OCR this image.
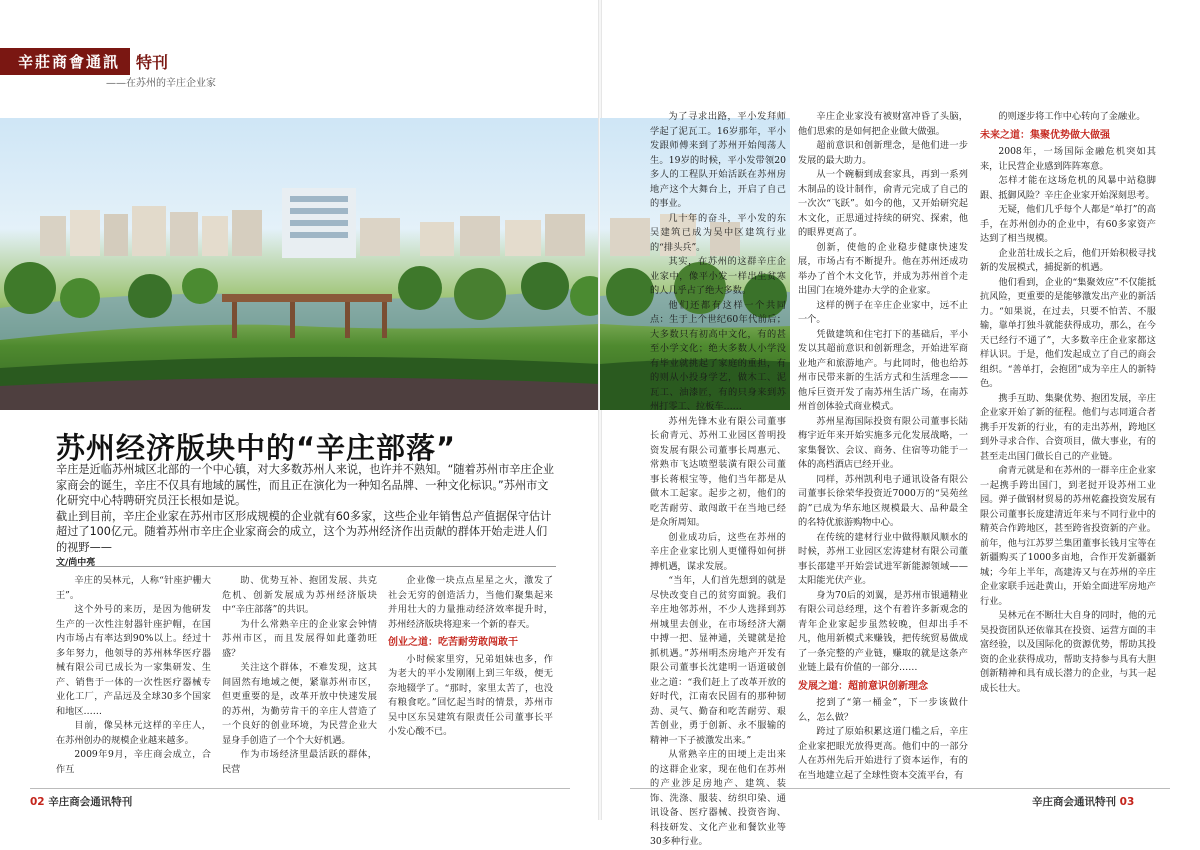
辛莊商會通訊	特刊
——在苏州的辛庄企业家
苏州经济版块中的“辛庄部落”

辛庄是近临苏州城区北部的一个中心镇，对大多数苏州人来说，也许并不熟知。“随着苏州市辛庄企业家商会的诞生，辛庄不仅具有地域的属性，而且正在演化为一种知名品牌、一种文化标识。”苏州市文化研究中心特聘研究员汪长根如是说。

截止到目前，辛庄企业家在苏州市区形成规模的企业就有60多家，这些企业年销售总产值据保守估计超过了100亿元。随着苏州市辛庄企业家商会的成立，这个为苏州经济作出贡献的群体开始走进人们的视野——

文/尚中亮

辛庄的吴林元，人称“针座护栅大王”。

这个外号的来历，是因为他研发生产的一次性注射器针座护帽，在国内市场占有率达到90%以上。经过十多年努力，他领导的苏州林华医疗器械有限公司已成长为一家集研发、生产、销售于一体的一次性医疗器械专业化工厂，产品远及全球30多个国家和地区……

目前，像吴林元这样的辛庄人，在苏州创办的规模企业越来越多。

2009年9月，辛庄商会成立，合作互

助、优势互补、抱团发展、共克危机、创新发展成为苏州经济版块中“辛庄部落”的共识。

为什么常熟辛庄的企业家会钟情苏州市区，而且发展得如此蓬勃旺盛？

关注这个群体，不难发现，这其间固然有地域之便，紧靠苏州市区，但更重要的是，改革开放中快速发展的苏州，为勤劳肯干的辛庄人营造了一个良好的创业环境，为民营企业大显身手创造了一个个大好机遇。

作为市场经济里最活跃的群体，民营

企业像一块点点星星之火，激发了社会无穷的创造活力，当他们聚集起来并用壮大的力量推动经济效率提升时，苏州经济版块将迎来一个新的春天。

创业之道：吃苦耐劳敢闯敢干

小时候家里穷，兄弟姐妹也多，作为老大的平小发刚刚上到三年级，便无奈地辍学了。“那时，家里太苦了，也没有粮食吃。”回忆起当时的情景，苏州市吴中区东吴建筑有限责任公司董事长平小发心酸不已。

02 辛庄商会通讯特刊

为了寻求出路，平小发拜师学起了泥瓦工。16岁那年，平小发跟师傅来到了苏州开始闯荡人生。19岁的时候，平小发带领20多人的工程队开始活跃在苏州房地产这个大舞台上，开启了自己的事业。

几十年的奋斗，平小发的东吴建筑已成为吴中区建筑行业的“排头兵”。

其实，在苏州的这群辛庄企业家中，像平小发一样出生贫寒的人几乎占了绝大多数。

他们还都有这样一个共同点：生于上个世纪60年代前后；大多数只有初高中文化，有的甚至小学文化；绝大多数人小学没有毕业就挑起了家庭的重担，有的则从小投身学艺，做木工、泥瓦工、油漆匠，有的只身来到苏州打零工、拉板车……

苏州先锋木业有限公司董事长俞青元、苏州工业园区普明投资发展有限公司董事长周惠元、常熟市飞达喷塑装潢有限公司董事长蒋根宝等，他们当年都是从做木工起家。起步之初，他们的吃苦耐劳、敢闯敢干在当地已经是众所周知。

创业成功后，这些在苏州的辛庄企业家比别人更懂得如何拼搏机遇，谋求发展。

“当年，人们首先想到的就是尽快改变自己的贫穷面貌。我们辛庄地邻苏州，不少人选择到苏州城里去创业，在市场经济大潮中搏一把、显神通，关键就是抢抓机遇。”苏州明杰房地产开发有限公司董事长沈建明一语道破创业之道：“我们赶上了改革开放的好时代，江南农民固有的那种韧劲、灵气、勤奋和吃苦耐劳、艰苦创业，勇于创新、永不服输的精神一下子被激发出来。”

从常熟辛庄的田埂上走出来的这群企业家，现在他们在苏州的产业涉足房地产、建筑、装饰、洗涤、服装、纺织印染、通讯设备、医疗器械、投资咨询、科技研发、文化产业和餐饮业等30多种行业。

辛庄企业家没有被财富冲昏了头脑，他们思索的是如何把企业做大做强。

超前意识和创新理念，是他们进一步发展的最大助力。

从一个碗橱到成套家具，再到一系列木制品的设计制作，俞青元完成了自己的一次次“飞跃”。如今的他，又开始研究起木文化，正思通过持续的研究、探索，他的眼界更高了。

创新，使他的企业稳步健康快速发展，市场占有不断提升。他在苏州还成功举办了首个木文化节，并成为苏州首个走出国门在境外建办大学的企业家。

这样的例子在辛庄企业家中，远不止一个。

凭做建筑和住宅打下的基础后，平小发以其超前意识和创新理念，开始进军商业地产和旅游地产。与此同时，他也给苏州市民带来新的生活方式和生活理念——他斥巨资开发了南苏州生活广场，在南苏州首创体验式商业模式。

苏州星海国际投资有限公司董事长陆梅宇近年来开始实施多元化发展战略，一家集餐饮、会议、商务、住宿等功能于一体的高档酒店已经开业。

同样，苏州凯利电子通讯设备有限公司董事长徐荣华投资近7000万的“吴苑丝韵”已成为华东地区规模最大、品种最全的名特优旅游购物中心。

在传统的建材行业中做得顺风顺水的时候，苏州工业园区宏涛建材有限公司董事长邵建平开始尝试进军新能源领域——太阳能光伏产业。

身为70后的刘翼，是苏州市银通精业有限公司总经理，这个有着许多新观念的青年企业家起步虽然较晚，但却出手不凡，他用新模式来赚钱，把传统贸易做成了一条完整的产业链，赚取的就是这条产业链上最有价值的一部分……

发展之道：超前意识创新理念

挖到了“第一桶金”，下一步该做什么，怎么做？

跨过了原始积累这道门槛之后，辛庄企业家把眼光放得更高。他们中的一部分人在苏州先后开始进行了资本运作，有的在当地建立起了全球性资本交流平台，有

的则逐步将工作中心转向了金融业。

未来之道：集聚优势做大做强

2008年，一场国际金融危机突如其来，让民营企业感到阵阵寒意。

怎样才能在这场危机的风暴中站稳脚跟、抵御风险？辛庄企业家开始深刻思考。

无疑，他们几乎每个人都是“单打”的高手，在苏州创办的企业中，有60多家资产达到了相当规模。

企业茁壮成长之后，他们开始积极寻找新的发展模式，捕捉新的机遇。

他们看到，企业的“集聚效应”不仅能抵抗风险，更重要的是能够激发出产业的新活力。“如果说，在过去，只要不怕苦、不服输，靠单打独斗就能获得成功，那么，在今天已经行不通了”，大多数辛庄企业家都这样认识。于是，他们发起成立了自己的商会组织。“善单打，会抱团”成为辛庄人的新特色。

携手互助、集聚优势、抱团发展，辛庄企业家开始了新的征程。他们与志同道合者携手开发新的行业，有的走出苏州，跨地区到外寻求合作、合资项目，做大事业，有的甚至走出国门做长自己的产业链。

俞青元就是和在苏州的一群辛庄企业家一起携手跨出国门，到老挝开设苏州工业园。弹子做钢材贸易的苏州乾鑫投资发展有限公司董事长庞建清近年来与不同行业中的精英合作跨地区，甚至跨省投资新的产业。前年，他与江苏罗兰集团董事长钱月宝等在新疆购买了1000多亩地，合作开发新疆新城；今年上半年，高建涛又与在苏州的辛庄企业家联手远赴黄山，开始全面进军房地产行业。

吴林元在不断壮大自身的同时，他的元昊投资团队还依靠其在投资、运营方面的丰富经验，以及国际化的资源优势，帮助其投资的企业获得成功，帮助支持参与具有大胆创新精神和具有成长潜力的企业，与其一起成长壮大。

辛庄商会通讯特刊 03
